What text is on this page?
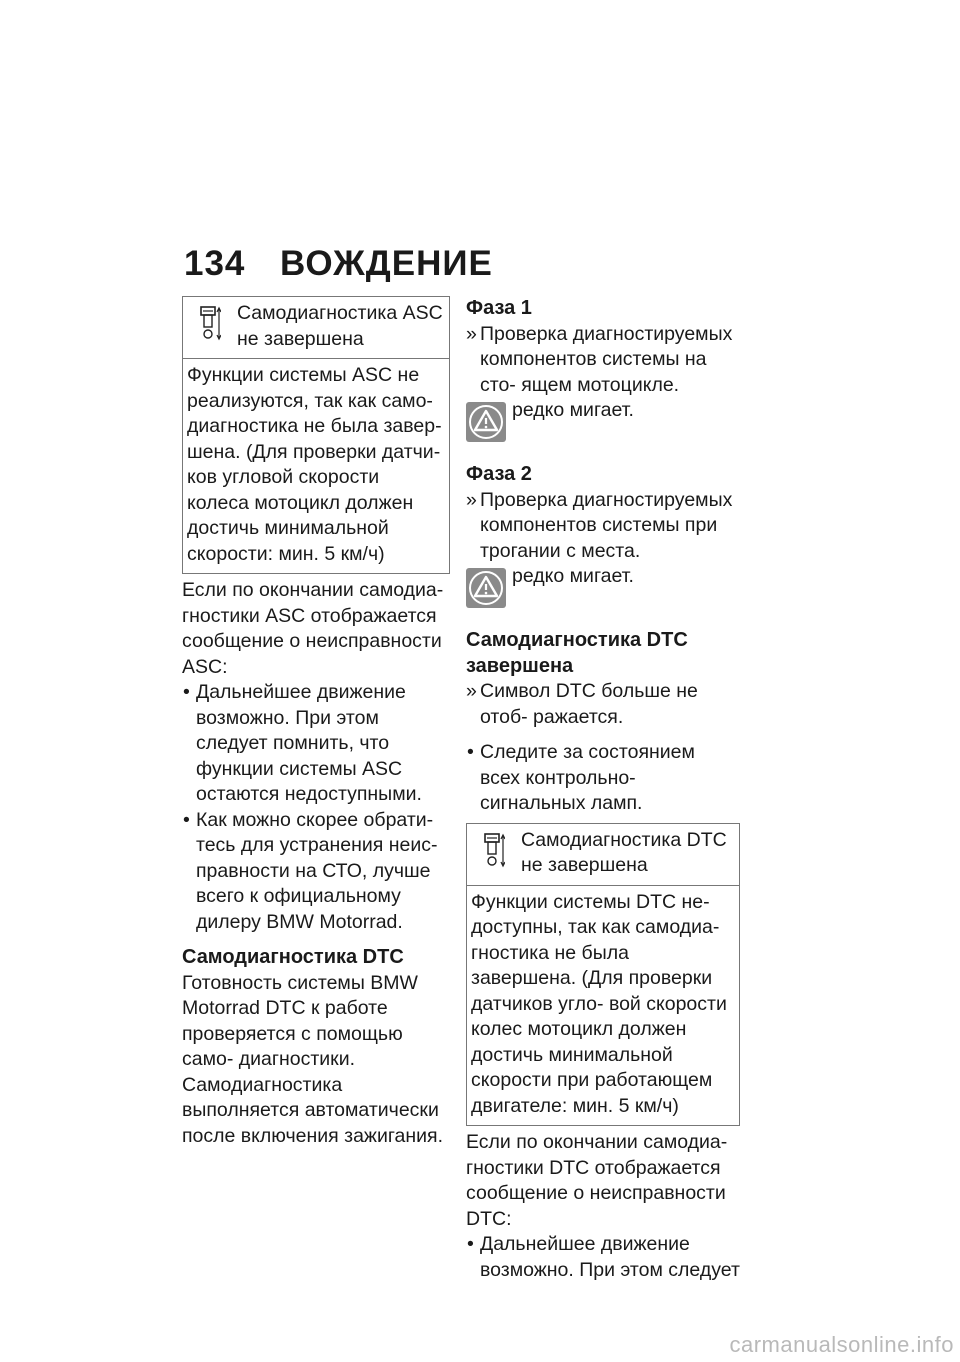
134 ВОЖДЕНИЕ
Самодиагностика ASC не завершена
Функции системы ASC не реализуются, так как само- диагностика не была завер- шена. (Для проверки датчи- ков угловой скорости колеса мотоцикл должен достичь минимальной скорости: мин. 5 км/ч)

Если по окончании самодиа- гностики ASC отображается сообщение о неисправности ASC:

• Дальнейшее движение возможно. При этом следует помнить, что функции системы ASC остаются недоступными.
• Как можно скорее обрати- тесь для устранения неис- правности на СТО, лучше всего к официальному дилеру BMW Motorrad.

Самодиагностика DTC

Готовность системы BMW Motorrad DTC к работе проверяется с помощью само- диагностики. Самодиагностика выполняется автоматически после включения зажигания.

Фаза 1

» Проверка диагностируемых компонентов системы на сто- ящем мотоцикле.

редко мигает.

Фаза 2

» Проверка диагностируемых компонентов системы при трогании с места.

редко мигает.

Самодиагностика DTC завершена

» Символ DTC больше не отоб- ражается.

• Следите за состоянием всех контрольно-сигнальных ламп.
Самодиагностика DTC не завершена
Функции системы DTC не- доступны, так как самодиа- гностика не была завершена. (Для проверки датчиков угло- вой скорости колес мотоцикл должен достичь минимальной скорости при работающем двигателе: мин. 5 км/ч)

Если по окончании самодиа- гностики DTC отображается сообщение о неисправности DTC:

• Дальнейшее движение возможно. При этом следует
carmanualsonline.info
